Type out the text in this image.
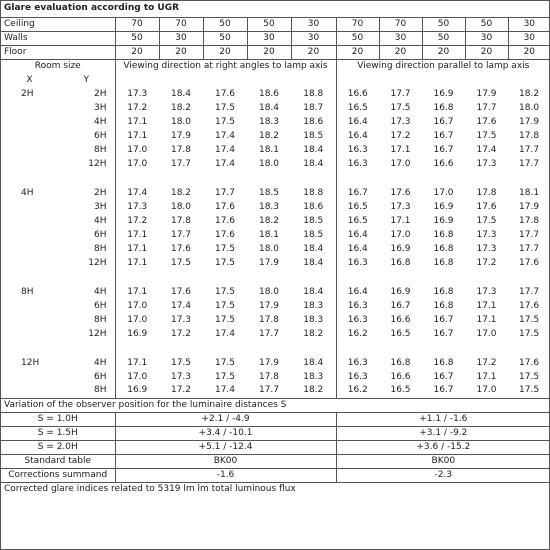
Glare evaluation according to UGR											
Ceiling		70	70	50	50	30	70	70	50	50	30
Walls		50	30	50	30	30	50	30	50	30	30
Floor		20	20	20	20	20	20	20	20	20	20
Room size		Viewing direction at right angles to lamp axis					Viewing direction parallel to lamp axis				
X	Y										
2H	2H	17.3	18.4	17.6	18.6	18.8	16.6	17.7	16.9	17.9	18.2
	3H	17.2	18.2	17.5	18.4	18.7	16.5	17.5	16.8	17.7	18.0
	4H	17.1	18.0	17.5	18.3	18.6	16.4	17.3	16.7	17.6	17.9
	6H	17.1	17.9	17.4	18.2	18.5	16.4	17.2	16.7	17.5	17.8
	8H	17.0	17.8	17.4	18.1	18.4	16.3	17.1	16.7	17.4	17.7
	12H	17.0	17.7	17.4	18.0	18.4	16.3	17.0	16.6	17.3	17.7

4H	2H	17.4	18.2	17.7	18.5	18.8	16.7	17.6	17.0	17.8	18.1
	3H	17.3	18.0	17.6	18.3	18.6	16.5	17.3	16.9	17.6	17.9
	4H	17.2	17.8	17.6	18.2	18.5	16.5	17.1	16.9	17.5	17.8
	6H	17.1	17.7	17.6	18.1	18.5	16.4	17.0	16.8	17.3	17.7
	8H	17.1	17.6	17.5	18.0	18.4	16.4	16.9	16.8	17.3	17.7
	12H	17.1	17.5	17.5	17.9	18.4	16.3	16.8	16.8	17.2	17.6

8H	4H	17.1	17.6	17.5	18.0	18.4	16.4	16.9	16.8	17.3	17.7
	6H	17.0	17.4	17.5	17.9	18.3	16.3	16.7	16.8	17.1	17.6
	8H	17.0	17.3	17.5	17.8	18.3	16.3	16.6	16.7	17.1	17.5
	12H	16.9	17.2	17.4	17.7	18.2	16.2	16.5	16.7	17.0	17.5

12H	4H	17.1	17.5	17.5	17.9	18.4	16.3	16.8	16.8	17.2	17.6
	6H	17.0	17.3	17.5	17.8	18.3	16.3	16.6	16.7	17.1	17.5
	8H	16.9	17.2	17.4	17.7	18.2	16.2	16.5	16.7	17.0	17.5
Variation of the observer position for the luminaire distances S											
S = 1.0H		+2.1 / -4.9					+1.1 / -1.6				
S = 1.5H		+3.4 / -10.1					+3.1 / -9.2				
S = 2.0H		+5.1 / -12.4					+3.6 / -15.2				
Standard table		BK00					BK00				
Corrections summand		-1.6					-2.3				
Corrected glare indices related to 5319 lm lm total luminous flux											
